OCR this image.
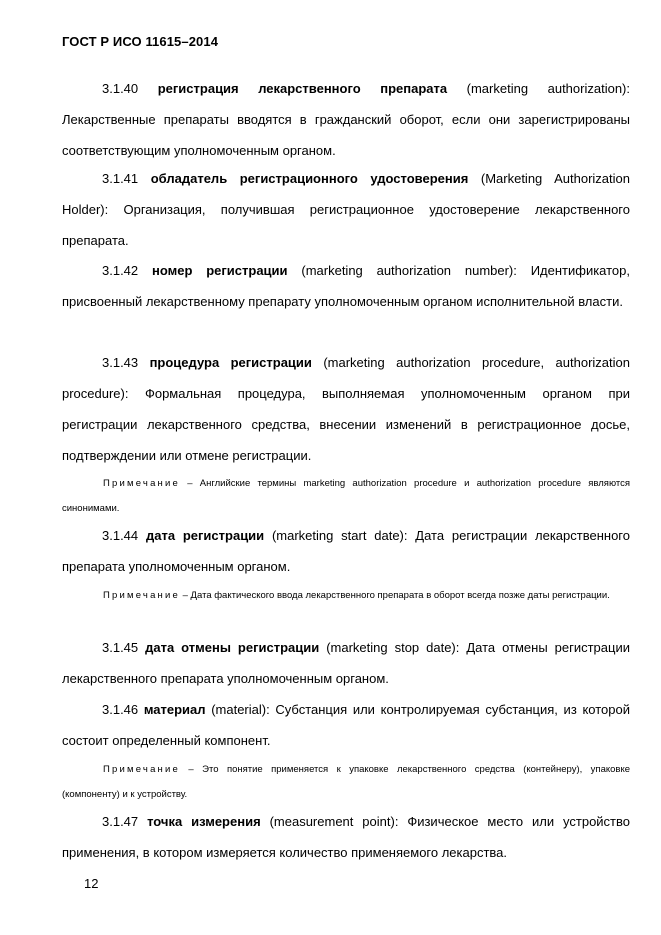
ГОСТ Р ИСО 11615–2014
3.1.40 регистрация лекарственного препарата (marketing authorization): Лекарственные препараты вводятся в гражданский оборот, если они зарегистрированы соответствующим уполномоченным органом.
3.1.41 обладатель регистрационного удостоверения (Marketing Authorization Holder): Организация, получившая регистрационное удостоверение лекарственного препарата.
3.1.42 номер регистрации (marketing authorization number): Идентификатор, присвоенный лекарственному препарату уполномоченным органом исполнительной власти.
3.1.43 процедура регистрации (marketing authorization procedure, authorization procedure): Формальная процедура, выполняемая уполномоченным органом при регистрации лекарственного средства, внесении изменений в регистрационное досье, подтверждении или отмене регистрации.
Примечание – Английские термины marketing authorization procedure и authorization procedure являются синонимами.
3.1.44 дата регистрации (marketing start date): Дата регистрации лекарственного препарата уполномоченным органом.
Примечание – Дата фактического ввода лекарственного препарата в оборот всегда позже даты регистрации.
3.1.45 дата отмены регистрации (marketing stop date): Дата отмены регистрации лекарственного препарата уполномоченным органом.
3.1.46 материал (material): Субстанция или контролируемая субстанция, из которой состоит определенный компонент.
Примечание – Это понятие применяется к упаковке лекарственного средства (контейнеру), упаковке (компоненту) и к устройству.
3.1.47 точка измерения (measurement point): Физическое место или устройство применения, в котором измеряется количество применяемого лекарства.
12
